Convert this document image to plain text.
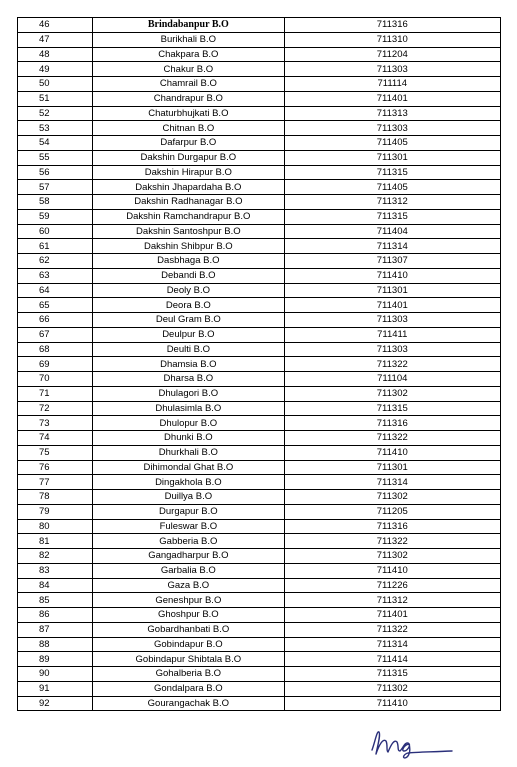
46	Brindabanpur B.O	711316
47	Burikhali B.O	711310
48	Chakpara B.O	711204
49	Chakur B.O	711303
50	Chamrail B.O	711114
51	Chandrapur B.O	711401
52	Chaturbhujkati B.O	711313
53	Chitnan B.O	711303
54	Dafarpur B.O	711405
55	Dakshin Durgapur B.O	711301
56	Dakshin Hirapur B.O	711315
57	Dakshin Jhapardaha B.O	711405
58	Dakshin Radhanagar B.O	711312
59	Dakshin Ramchandrapur B.O	711315
60	Dakshin Santoshpur B.O	711404
61	Dakshin Shibpur B.O	711314
62	Dasbhaga B.O	711307
63	Debandi B.O	711410
64	Deoly B.O	711301
65	Deora B.O	711401
66	Deul Gram B.O	711303
67	Deulpur B.O	711411
68	Deulti B.O	711303
69	Dhamsia B.O	711322
70	Dharsa B.O	711104
71	Dhulagori B.O	711302
72	Dhulasimla B.O	711315
73	Dhulopur B.O	711316
74	Dhunki B.O	711322
75	Dhurkhali B.O	711410
76	Dihimondal Ghat B.O	711301
77	Dingakhola B.O	711314
78	Duillya B.O	711302
79	Durgapur B.O	711205
80	Fuleswar B.O	711316
81	Gabberia B.O	711322
82	Gangadharpur B.O	711302
83	Garbalia B.O	711410
84	Gaza B.O	711226
85	Geneshpur B.O	711312
86	Ghoshpur B.O	711401
87	Gobardhanbati B.O	711322
88	Gobindapur B.O	711314
89	Gobindapur Shibtala B.O	711414
90	Gohalberia B.O	711315
91	Gondalpara B.O	711302
92	Gourangachak B.O	711410
